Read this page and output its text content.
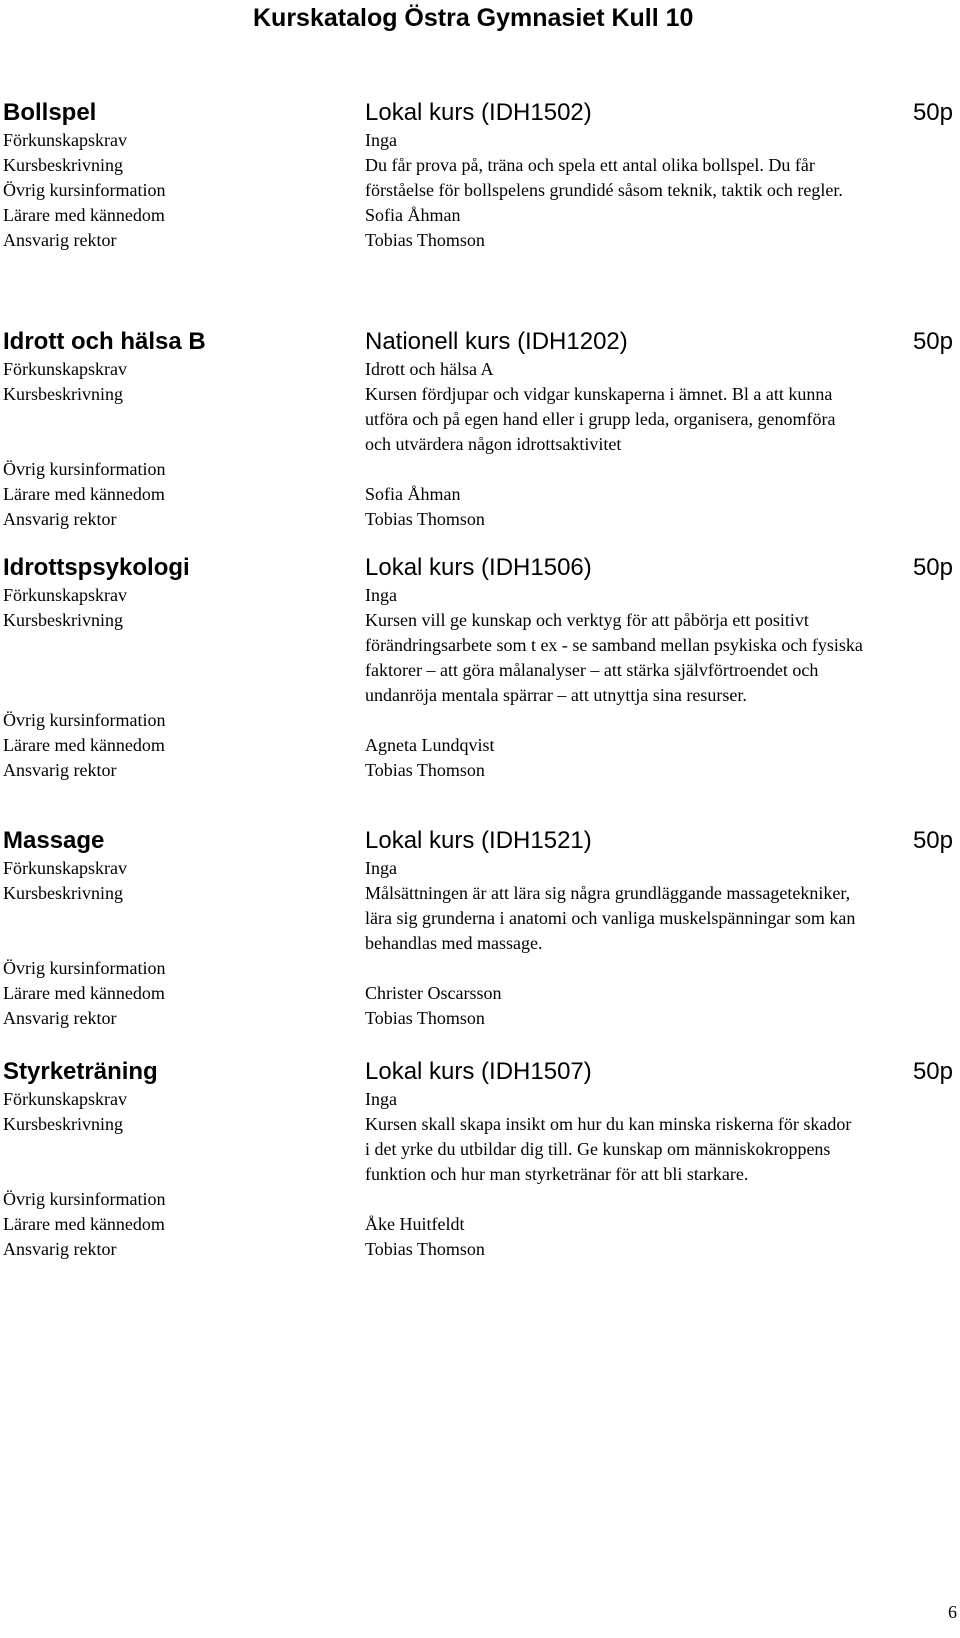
Kurskatalog Östra Gymnasiet Kull 10
Bollspel	Lokal kurs (IDH1502)	50p
Förkunskapskrav	Inga
Kursbeskrivning	Du får prova på, träna och spela ett antal olika bollspel. Du får förståelse för bollspelens grundidé såsom teknik, taktik och regler.
Övrig kursinformation
Lärare med kännedom	Sofia Åhman
Ansvarig rektor	Tobias Thomson
Idrott och hälsa B	Nationell kurs (IDH1202)	50p
Förkunskapskrav	Idrott och hälsa A
Kursbeskrivning	Kursen fördjupar och vidgar kunskaperna i ämnet. Bl a att kunna utföra och på egen hand eller i grupp leda, organisera, genomföra och utvärdera någon idrottsaktivitet
Övrig kursinformation
Lärare med kännedom	Sofia Åhman
Ansvarig rektor	Tobias Thomson
Idrottspsykologi	Lokal kurs (IDH1506)	50p
Förkunskapskrav	Inga
Kursbeskrivning	Kursen vill ge kunskap och verktyg för att påbörja ett positivt förändringsarbete som t ex - se samband mellan psykiska och fysiska faktorer – att göra målanalyser – att stärka självförtroendet och undanröja mentala spärrar – att utnyttja sina resurser.
Övrig kursinformation
Lärare med kännedom	Agneta Lundqvist
Ansvarig rektor	Tobias Thomson
Massage	Lokal kurs (IDH1521)	50p
Förkunskapskrav	Inga
Kursbeskrivning	Målsättningen är att lära sig några grundläggande massagetekniker, lära sig grunderna i anatomi och vanliga muskelspänningar som kan behandlas med massage.
Övrig kursinformation
Lärare med kännedom	Christer Oscarsson
Ansvarig rektor	Tobias Thomson
Styrketräning	Lokal kurs (IDH1507)	50p
Förkunskapskrav	Inga
Kursbeskrivning	Kursen skall skapa insikt om hur du kan minska riskerna för skador i det yrke du utbildar dig till. Ge kunskap om människokroppens funktion och hur man styrketränar för att bli starkare.
Övrig kursinformation
Lärare med kännedom	Åke Huitfeldt
Ansvarig rektor	Tobias Thomson
6
